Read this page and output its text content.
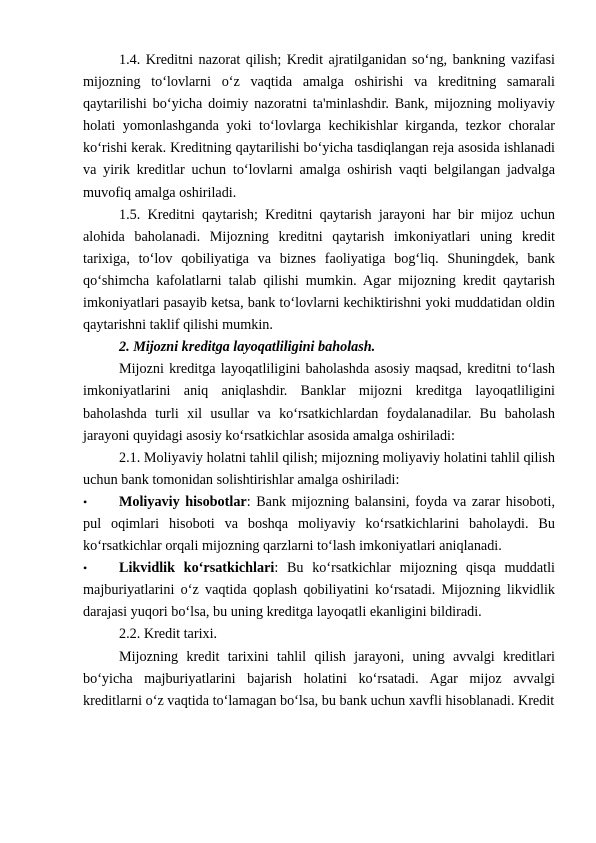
1.4. Kreditni nazorat qilish; Kredit ajratilganidan so‘ng, bankning vazifasi mijozning to‘lovlarni o‘z vaqtida amalga oshirishi va kreditning samarali qaytarilishi bo‘yicha doimiy nazoratni ta'minlashdir. Bank, mijozning moliyaviy holati yomonlashganda yoki to‘lovlarga kechikishlar kirganda, tezkor choralar ko‘rishi kerak. Kreditning qaytarilishi bo‘yicha tasdiqlangan reja asosida ishlanadi va yirik kreditlar uchun to‘lovlarni amalga oshirish vaqti belgilangan jadvalga muvofiq amalga oshiriladi.

1.5. Kreditni qaytarish; Kreditni qaytarish jarayoni har bir mijoz uchun alohida baholanadi. Mijozning kreditni qaytarish imkoniyatlari uning kredit tarixiga, to‘lov qobiliyatiga va biznes faoliyatiga bog‘liq. Shuningdek, bank qo‘shimcha kafolatlarni talab qilishi mumkin. Agar mijozning kredit qaytarish imkoniyatlari pasayib ketsa, bank to‘lovlarni kechiktirishni yoki muddatidan oldin qaytarishni taklif qilishi mumkin.

2. Mijozni kreditga layoqatliligini baholash.

Mijozni kreditga layoqatliligini baholashda asosiy maqsad, kreditni to‘lash imkoniyatlarini aniq aniqlashdir. Banklar mijozni kreditga layoqatliligini baholashda turli xil usullar va ko‘rsatkichlardan foydalanadilar. Bu baholash jarayoni quyidagi asosiy ko‘rsatkichlar asosida amalga oshiriladi:

2.1. Moliyaviy holatni tahlil qilish; mijozning moliyaviy holatini tahlil qilish uchun bank tomonidan solishtirishlar amalga oshiriladi:

• Moliyaviy hisobotlar: Bank mijozning balansini, foyda va zarar hisoboti, pul oqimlari hisoboti va boshqa moliyaviy ko‘rsatkichlarini baholaydi. Bu ko‘rsatkichlar orqali mijozning qarzlarni to‘lash imkoniyatlari aniqlanadi.

• Likvidlik ko‘rsatkichlari: Bu ko‘rsatkichlar mijozning qisqa muddatli majburiyatlarini o‘z vaqtida qoplash qobiliyatini ko‘rsatadi. Mijozning likvidlik darajasi yuqori bo‘lsa, bu uning kreditga layoqatli ekanligini bildiradi.

2.2. Kredit tarixi.

Mijozning kredit tarixini tahlil qilish jarayoni, uning avvalgi kreditlari bo‘yicha majburiyatlarini bajarish holatini ko‘rsatadi. Agar mijoz avvalgi kreditlarni o‘z vaqtida to‘lamagan bo‘lsa, bu bank uchun xavfli hisoblanadi. Kredit
